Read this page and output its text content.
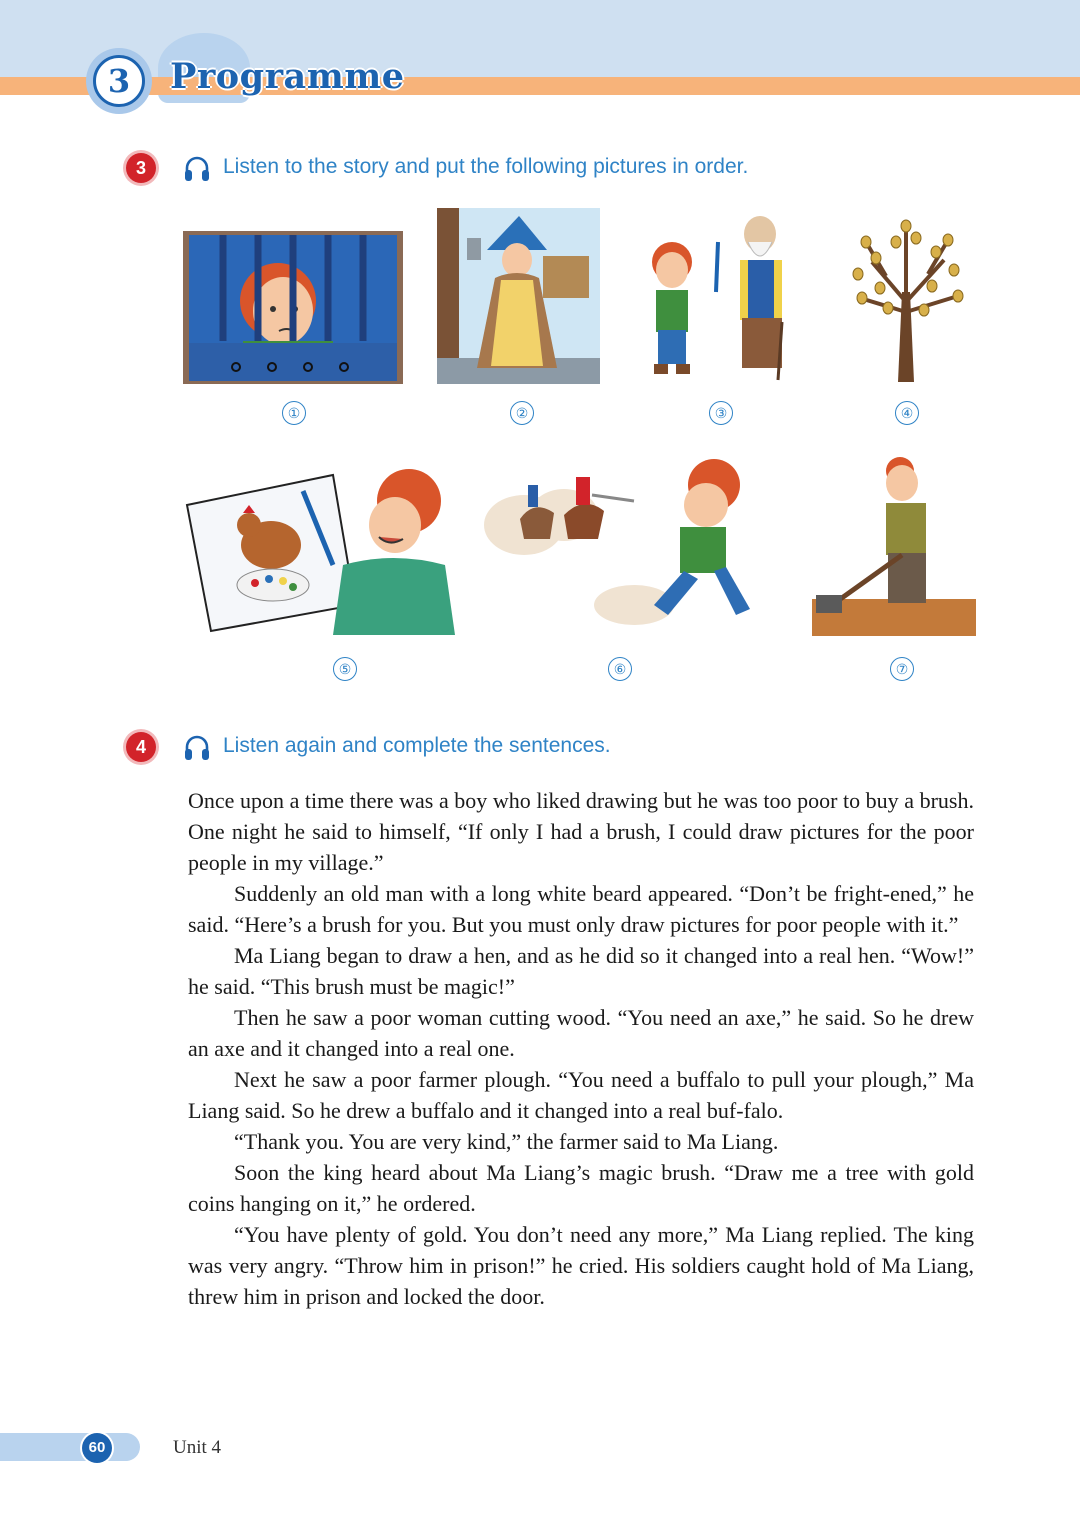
3	Programme
3	Listen to the story and put the following pictures in order.
①	②	③	④
⑤	⑥	⑦
4	Listen again and complete the sentences.

Once upon a time there was a boy who liked drawing but he was too poor to buy a brush. One night he said to himself, “If only I had a brush, I could draw pictures for the poor people in my village.”

Suddenly an old man with a long white beard appeared. “Don’t be fright-ened,” he said. “Here’s a brush for you. But you must only draw pictures for poor people with it.”

Ma Liang began to draw a hen, and as he did so it changed into a real hen. “Wow!” he said. “This brush must be magic!”

Then he saw a poor woman cutting wood. “You need an axe,” he said. So he drew an axe and it changed into a real one.

Next he saw a poor farmer plough. “You need a buffalo to pull your plough,” Ma Liang said. So he drew a buffalo and it changed into a real buf-falo.

“Thank you. You are very kind,” the farmer said to Ma Liang.

Soon the king heard about Ma Liang’s magic brush. “Draw me a tree with gold coins hanging on it,” he ordered.

“You have plenty of gold. You don’t need any more,” Ma Liang replied. The king was very angry. “Throw him in prison!” he cried. His soldiers caught hold of Ma Liang, threw him in prison and locked the door.

60	Unit 4
